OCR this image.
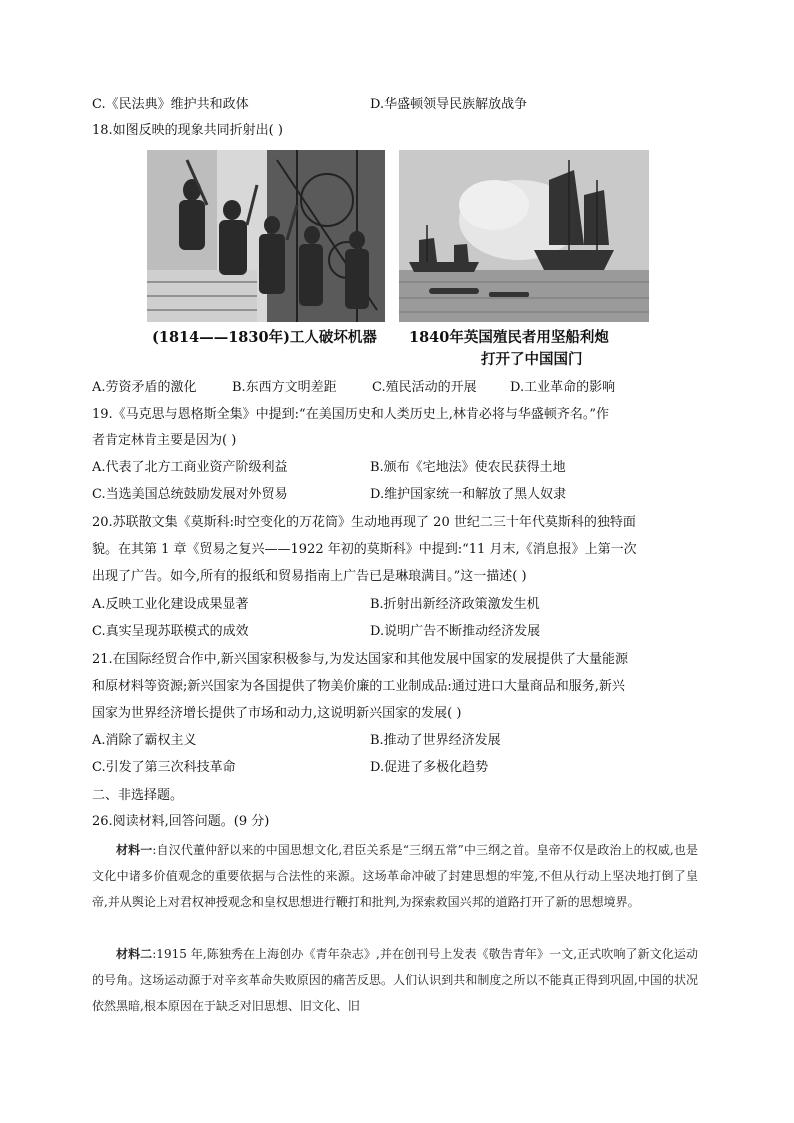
C.《民法典》维护共和政体	D.华盛顿领导民族解放战争
18.如图反映的现象共同折射出( )
(1814——1830年)工人破坏机器 1840年英国殖民者用坚船利炮
打开了中国国门
A.劳资矛盾的激化	B.东西方文明差距	C.殖民活动的开展	D.工业革命的影响
19.《马克思与恩格斯全集》中提到:“在美国历史和人类历史上,林肯必将与华盛顿齐名。”作
者肯定林肯主要是因为( )
A.代表了北方工商业资产阶级利益	B.颁布《宅地法》使农民获得土地
C.当选美国总统鼓励发展对外贸易	D.维护国家统一和解放了黑人奴隶
20.苏联散文集《莫斯科:时空变化的万花筒》生动地再现了 20 世纪二三十年代莫斯科的独特面
貌。在其第 1 章《贸易之复兴——1922 年初的莫斯科》中提到:“11 月末,《消息报》上第一次
出现了广告。如今,所有的报纸和贸易指南上广告已是琳琅满目。”这一描述( )
A.反映工业化建设成果显著	B.折射出新经济政策激发生机
C.真实呈现苏联模式的成效	D.说明广告不断推动经济发展
21.在国际经贸合作中,新兴国家积极参与,为发达国家和其他发展中国家的发展提供了大量能源
和原材料等资源;新兴国家为各国提供了物美价廉的工业制成品:通过进口大量商品和服务,新兴
国家为世界经济增长提供了市场和动力,这说明新兴国家的发展( )
A.消除了霸权主义	B.推动了世界经济发展
C.引发了第三次科技革命	D.促进了多极化趋势
二、非选择题。
26.阅读材料,回答问题。(9 分)

材料一:自汉代董仲舒以来的中国思想文化,君臣关系是“三纲五常”中三纲之首。皇帝不仅是政治上的权威,也是文化中诸多价值观念的重要依据与合法性的来源。这场革命冲破了封建思想的牢笼,不但从行动上坚决地打倒了皇帝,并从舆论上对君权神授观念和皇权思想进行鞭打和批判,为探索救国兴邦的道路打开了新的思想境界。

材料二:1915 年,陈独秀在上海创办《青年杂志》,并在创刊号上发表《敬告青年》一文,正式吹响了新文化运动的号角。这场运动源于对辛亥革命失败原因的痛苦反思。人们认识到共和制度之所以不能真正得到巩固,中国的状况依然黑暗,根本原因在于缺乏对旧思想、旧文化、旧
